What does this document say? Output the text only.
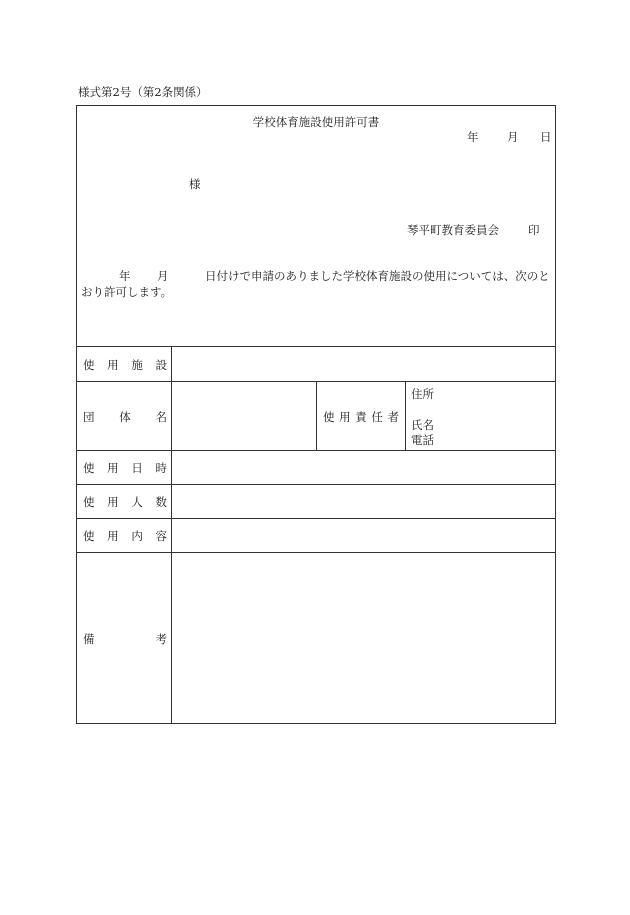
様式第2号（第2条関係）
学校体育施設使用許可書
年 月 日
様
琴平町教育委員会	印
年 月	日付けで申請のありました学校体育施設の使用については、次のと
おり許可します。
使 用 施 設
団 体 名	使 用 責 任 者
住所
氏名
電話
使 用 日 時
使 用 人 数
使 用 内 容
備	考
